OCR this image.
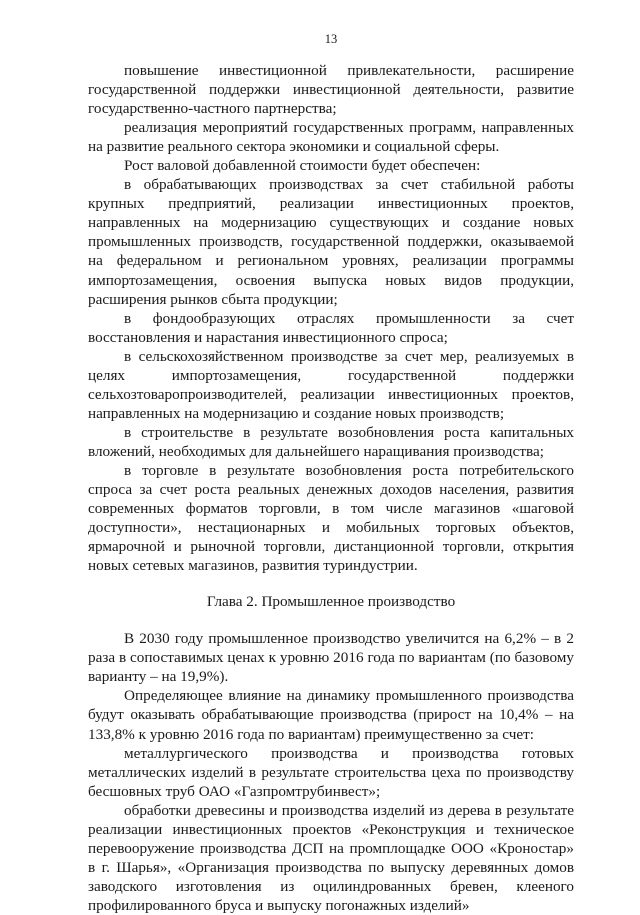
13

повышение инвестиционной привлекательности, расширение государственной поддержки инвестиционной деятельности, развитие государственно-частного партнерства;

реализация мероприятий государственных программ, направленных на развитие реального сектора экономики и социальной сферы.

Рост валовой добавленной стоимости будет обеспечен:

в обрабатывающих производствах за счет стабильной работы крупных предприятий, реализации инвестиционных проектов, направленных на модернизацию существующих и создание новых промышленных производств, государственной поддержки, оказываемой на федеральном и региональном уровнях, реализации программы импортозамещения, освоения выпуска новых видов продукции, расширения рынков сбыта продукции;

в фондообразующих отраслях промышленности за счет восстановления и нарастания инвестиционного спроса;

в сельскохозяйственном производстве за счет мер, реализуемых в целях импортозамещения, государственной поддержки сельхозтоваропроизводителей, реализации инвестиционных проектов, направленных на модернизацию и создание новых производств;

в строительстве в результате возобновления роста капитальных вложений, необходимых для дальнейшего наращивания производства;

в торговле в результате возобновления роста потребительского спроса за счет роста реальных денежных доходов населения, развития современных форматов торговли, в том числе магазинов «шаговой доступности», нестационарных и мобильных торговых объектов, ярмарочной и рыночной торговли, дистанционной торговли, открытия новых сетевых магазинов, развития туриндустрии.

Глава 2. Промышленное производство

В 2030 году промышленное производство увеличится на 6,2% – в 2 раза в сопоставимых ценах к уровню 2016 года по вариантам (по базовому варианту – на 19,9%).

Определяющее влияние на динамику промышленного производства будут оказывать обрабатывающие производства (прирост на 10,4% – на 133,8% к уровню 2016 года по вариантам) преимущественно за счет:

металлургического производства и производства готовых металлических изделий в результате строительства цеха по производству бесшовных труб ОАО «Газпромтрубинвест»;

обработки древесины и производства изделий из дерева в результате реализации инвестиционных проектов «Реконструкция и техническое перевооружение производства ДСП на промплощадке ООО «Кроностар» в г. Шарья», «Организация производства по выпуску деревянных домов заводского изготовления из оцилиндрованных бревен, клееного профилированного бруса и выпуску погонажных изделий»
